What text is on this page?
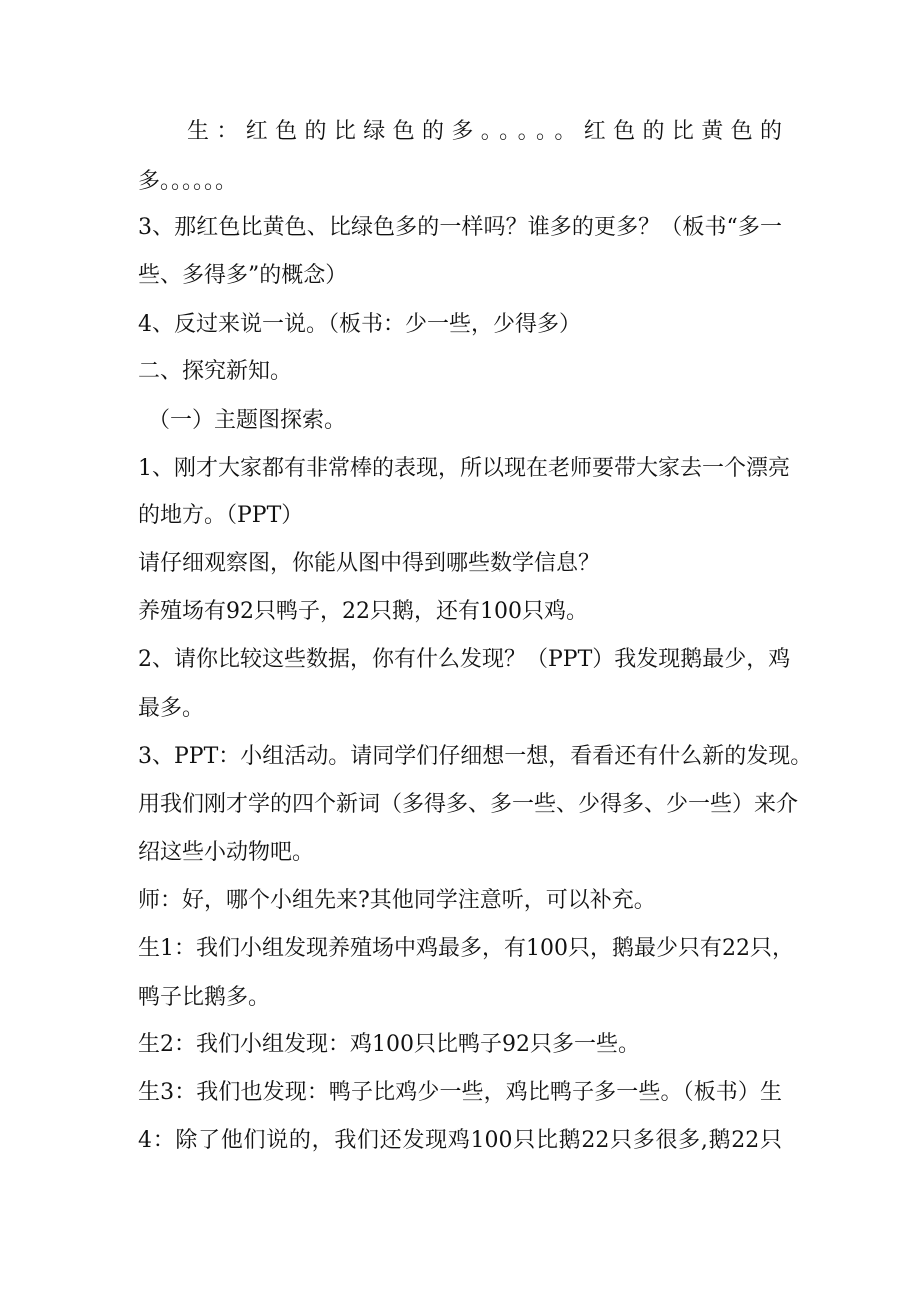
生：红色的比绿色的多。。。。。红色的比黄色的
多。。。。。。
3、那红色比黄色、比绿色多的一样吗？谁多的更多？（板书“多一
些、多得多”的概念）
4、反过来说一说。（板书：少一些，少得多）
二、探究新知。
（一）主题图探索。
1、刚才大家都有非常棒的表现，所以现在老师要带大家去一个漂亮
的地方。（PPT）
请仔细观察图，你能从图中得到哪些数学信息？
养殖场有92只鸭子，22只鹅，还有100只鸡。
2、请你比较这些数据，你有什么发现？（PPT）我发现鹅最少，鸡
最多。
3、PPT：小组活动。请同学们仔细想一想，看看还有什么新的发现。
用我们刚才学的四个新词（多得多、多一些、少得多、少一些）来介
绍这些小动物吧。
师：好，哪个小组先来?其他同学注意听，可以补充。
生1：我们小组发现养殖场中鸡最多，有100只，鹅最少只有22只，
鸭子比鹅多。
生2：我们小组发现：鸡100只比鸭子92只多一些。
生3：我们也发现：鸭子比鸡少一些，鸡比鸭子多一些。（板书）生
4：除了他们说的，我们还发现鸡100只比鹅22只多很多,鹅22只
